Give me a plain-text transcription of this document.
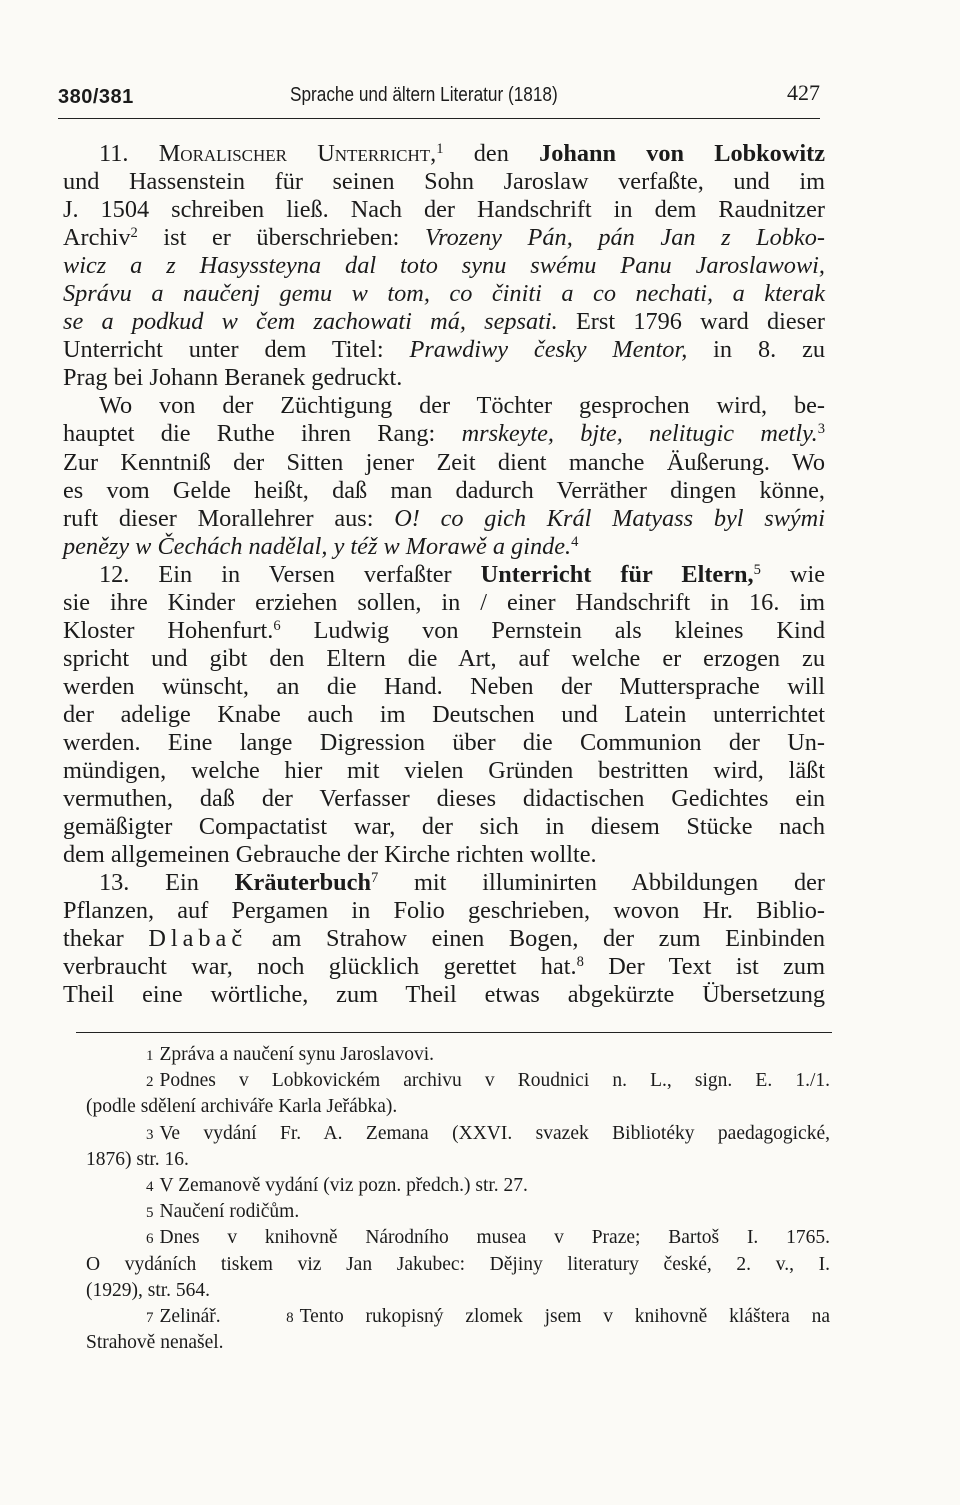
380/381	Sprache und ältern Literatur (1818)	427
11. Moralischer Unterricht,$^1$ den Johann von Lobkowitz
und Hassenstein für seinen Sohn Jaroslaw verfaßte, und im
J. 1504 schreiben ließ. Nach der Handschrift in dem Raudnitzer
Archiv$^2$ ist er überschrieben: Vrozeny Pán, pán Jan z Lobko-
wicz a z Hasyssteyna dal toto synu swému Panu Jaroslawowi,
Správu a naučenj gemu w tom, co činiti a co nechati, a kterak
se a podkud w čem zachowati má, sepsati. Erst 1796 ward dieser
Unterricht unter dem Titel: Prawdiwy česky Mentor, in 8. zu
Prag bei Johann Beranek gedruckt.
Wo von der Züchtigung der Töchter gesprochen wird, be-
hauptet die Ruthe ihren Rang: mrskeyte, bjte, nelitugic metly.$^3$
Zur Kenntniß der Sitten jener Zeit dient manche Äußerung. Wo
es vom Gelde heißt, daß man dadurch Verräther dingen könne,
ruft dieser Morallehrer aus: O! co gich Král Matyass byl swými
penězy w Čechách nadělal, y též w Morawě a ginde.$^4$
12. Ein in Versen verfaßter Unterricht für Eltern,$^5$ wie
sie ihre Kinder erziehen sollen, in / einer Handschrift in 16. im
Kloster Hohenfurt.$^6$ Ludwig von Pernstein als kleines Kind
spricht und gibt den Eltern die Art, auf welche er erzogen zu
werden wünscht, an die Hand. Neben der Muttersprache will
der adelige Knabe auch im Deutschen und Latein unterrichtet
werden. Eine lange Digression über die Communion der Un-
mündigen, welche hier mit vielen Gründen bestritten wird, läßt
vermuthen, daß der Verfasser dieses didactischen Gedichtes ein
gemäßigter Compactatist war, der sich in diesem Stücke nach
dem allgemeinen Gebrauche der Kirche richten wollte.
13. Ein Kräuterbuch$^7$ mit illuminirten Abbildungen der
Pflanzen, auf Pergamen in Folio geschrieben, wovon Hr. Biblio-
thekar Dlabač am Strahow einen Bogen, der zum Einbinden
verbraucht war, noch glücklich gerettet hat.$^8$ Der Text ist zum
Theil eine wörtliche, zum Theil etwas abgekürzte Übersetzung
1 Zpráva a naučení synu Jaroslavovi.
2 Podnes v Lobkovickém archivu v Roudnici n. L., sign. E. 1./1.
(podle sdělení archiváře Karla Jeřábka).
3 Ve vydání Fr. A. Zemana (XXVI. svazek Bibliotéky paedagogické,
1876) str. 16.
4 V Zemanově vydání (viz pozn. předch.) str. 27.
5 Naučení rodičům.
6 Dnes v knihovně Národního musea v Praze; Bartoš I. 1765.
O vydáních tiskem viz Jan Jakubec: Dějiny literatury české, 2. v., I.
(1929), str. 564.
7 Zelinář.	8 Tento rukopisný zlomek jsem v knihovně kláštera na
Strahově nenašel.
